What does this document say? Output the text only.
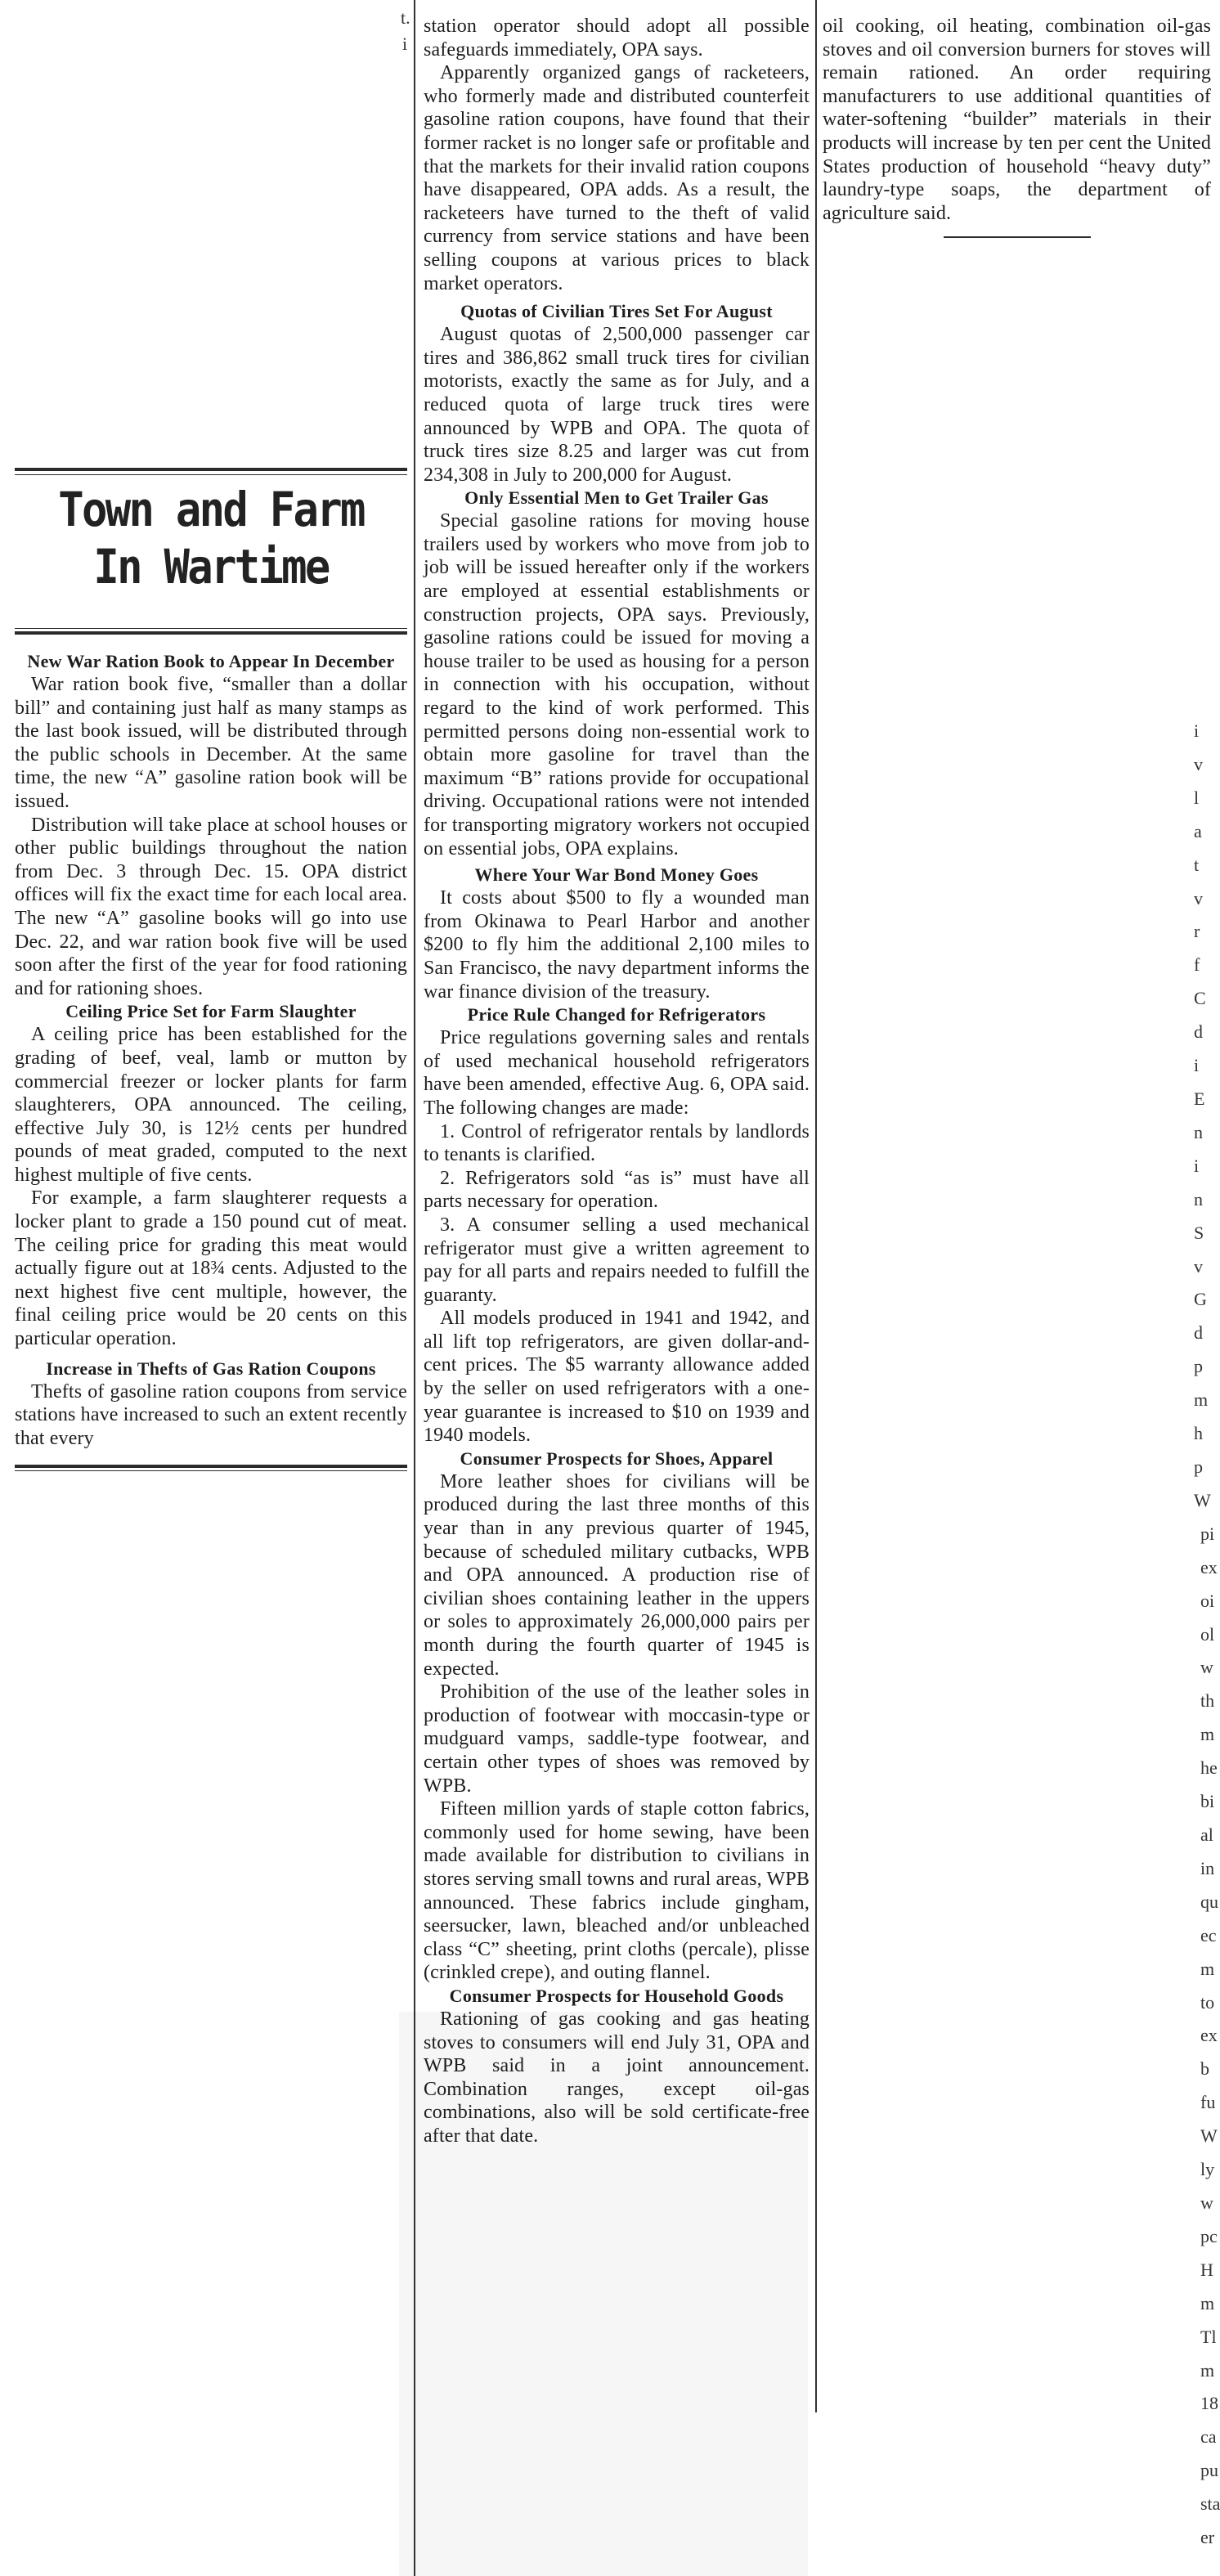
Town and Farm
In Wartime
New War Ration Book to Appear In December

War ration book five, “smaller than a dollar bill” and containing just half as many stamps as the last book issued, will be distributed through the public schools in December. At the same time, the new “A” gasoline ration book will be issued.

Distribution will take place at school houses or other public buildings throughout the nation from Dec. 3 through Dec. 15. OPA district offices will fix the exact time for each local area. The new “A” gasoline books will go into use Dec. 22, and war ration book five will be used soon after the first of the year for food rationing and for rationing shoes.

Ceiling Price Set for Farm Slaughter

A ceiling price has been established for the grading of beef, veal, lamb or mutton by commercial freezer or locker plants for farm slaughterers, OPA announced. The ceiling, effective July 30, is 12½ cents per hundred pounds of meat graded, computed to the next highest multiple of five cents.

For example, a farm slaughterer requests a locker plant to grade a 150 pound cut of meat. The ceiling price for grading this meat would actually figure out at 18¾ cents. Adjusted to the next highest five cent multiple, however, the final ceiling price would be 20 cents on this particular operation.

Increase in Thefts of Gas Ration Coupons

Thefts of gasoline ration coupons from service stations have increased to such an extent recently that every

station operator should adopt all possible safeguards immediately, OPA says.

Apparently organized gangs of racketeers, who formerly made and distributed counterfeit gasoline ration coupons, have found that their former racket is no longer safe or profitable and that the markets for their invalid ration coupons have disappeared, OPA adds. As a result, the racketeers have turned to the theft of valid currency from service stations and have been selling coupons at various prices to black market operators.

Quotas of Civilian Tires Set For August

August quotas of 2,500,000 passenger car tires and 386,862 small truck tires for civilian motorists, exactly the same as for July, and a reduced quota of large truck tires were announced by WPB and OPA. The quota of truck tires size 8.25 and larger was cut from 234,308 in July to 200,000 for August.

Only Essential Men to Get Trailer Gas

Special gasoline rations for moving house trailers used by workers who move from job to job will be issued hereafter only if the workers are employed at essential establishments or construction projects, OPA says. Previously, gasoline rations could be issued for moving a house trailer to be used as housing for a person in connection with his occupation, without regard to the kind of work performed. This permitted persons doing non-essential work to obtain more gasoline for travel than the maximum “B” rations provide for occupational driving. Occupational rations were not intended for transporting migratory workers not occupied on essential jobs, OPA explains.

Where Your War Bond Money Goes

It costs about $500 to fly a wounded man from Okinawa to Pearl Harbor and another $200 to fly him the additional 2,100 miles to San Francisco, the navy department informs the war finance division of the treasury.

Price Rule Changed for Refrigerators

Price regulations governing sales and rentals of used mechanical household refrigerators have been amended, effective Aug. 6, OPA said. The following changes are made:

1. Control of refrigerator rentals by landlords to tenants is clarified.

2. Refrigerators sold “as is” must have all parts necessary for operation.

3. A consumer selling a used mechanical refrigerator must give a written agreement to pay for all parts and repairs needed to fulfill the guaranty.

All models produced in 1941 and 1942, and all lift top refrigerators, are given dollar-and-cent prices. The $5 warranty allowance added by the seller on used refrigerators with a one-year guarantee is increased to $10 on 1939 and 1940 models.

Consumer Prospects for Shoes, Apparel

More leather shoes for civilians will be produced during the last three months of this year than in any previous quarter of 1945, because of scheduled military cutbacks, WPB and OPA announced. A production rise of civilian shoes containing leather in the uppers or soles to approximately 26,000,000 pairs per month during the fourth quarter of 1945 is expected.

Prohibition of the use of the leather soles in production of footwear with moccasin-type or mudguard vamps, saddle-type footwear, and certain other types of shoes was removed by WPB.

Fifteen million yards of staple cotton fabrics, commonly used for home sewing, have been made available for distribution to civilians in stores serving small towns and rural areas, WPB announced. These fabrics include gingham, seersucker, lawn, bleached and/or unbleached class “C” sheeting, print cloths (percale), plisse (crinkled crepe), and outing flannel.

Consumer Prospects for Household Goods

Rationing of gas cooking and gas heating stoves to consumers will end July 31, OPA and WPB said in a joint announcement. Combination ranges, except oil-gas combinations, also will be sold certificate-free after that date.

oil cooking, oil heating, combination oil-gas stoves and oil conversion burners for stoves will remain rationed. An order requiring manufacturers to use additional quantities of water-softening “builder” materials in their products will increase by ten per cent the United States production of household “heavy duty” laundry-type soaps, the department of agriculture said.

t.
i
i
v
l
a
t
v
r
f
C
d
i
E
n
i
n
S
v
G
d
p
m
h
p
W
pi
ex
oi
ol
w
th
m
he
bi
al
in
qu
ec
m
to
ex
b
fu
W
ly
w
pc
H
m
Tl
m
18
ca
pu
sta
er
